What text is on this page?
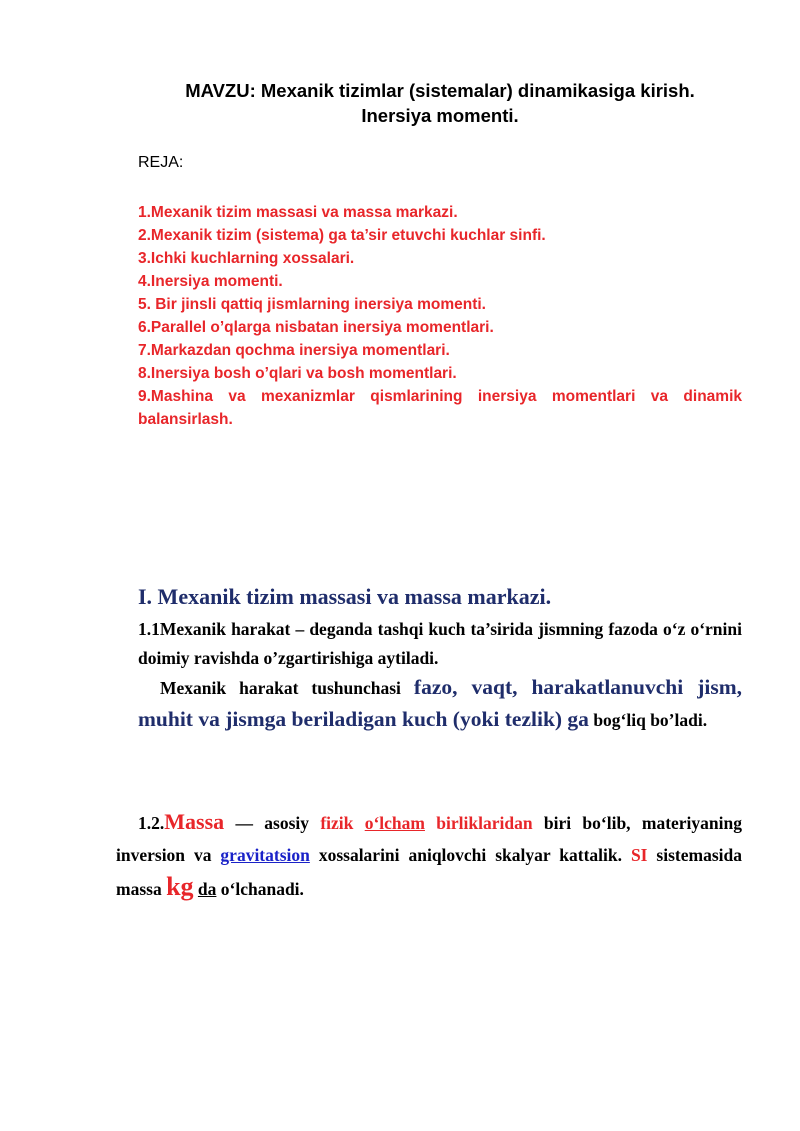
MAVZU: Mexanik tizimlar (sistemalar) dinamikasiga kirish.
Inersiya momenti.
REJA:
1.Mexanik tizim massasi va massa markazi.
2.Mexanik tizim (sistema) ga ta’sir etuvchi kuchlar sinfi.
3.Ichki kuchlarning xossalari.
4.Inersiya momenti.
5. Bir jinsli qattiq jismlarning inersiya momenti.
6.Parallel o’qlarga nisbatan inersiya momentlari.
7.Markazdan qochma inersiya momentlari.
8.Inersiya bosh o’qlari va bosh momentlari.
9.Mashina va mexanizmlar qismlarining inersiya momentlari va dinamik balansirlash.
I. Mexanik tizim massasi va massa markazi.
1.1Mexanik harakat – deganda tashqi kuch ta’sirida jismning fazoda o‘z o‘rnini doimiy ravishda o’zgartirishiga aytiladi.
Mexanik harakat tushunchasi fazo, vaqt, harakatlanuvchi jism, muhit va jismga beriladigan kuch (yoki tezlik) ga bog‘liq bo’ladi.
1.2.Massa — asosiy fizik o‘lcham birliklaridan biri bo‘lib, materiyaning inversion va gravitatsion xossalarini aniqlovchi skalyar kattalik. SI sistemasida massa kg da o‘lchanadi.
